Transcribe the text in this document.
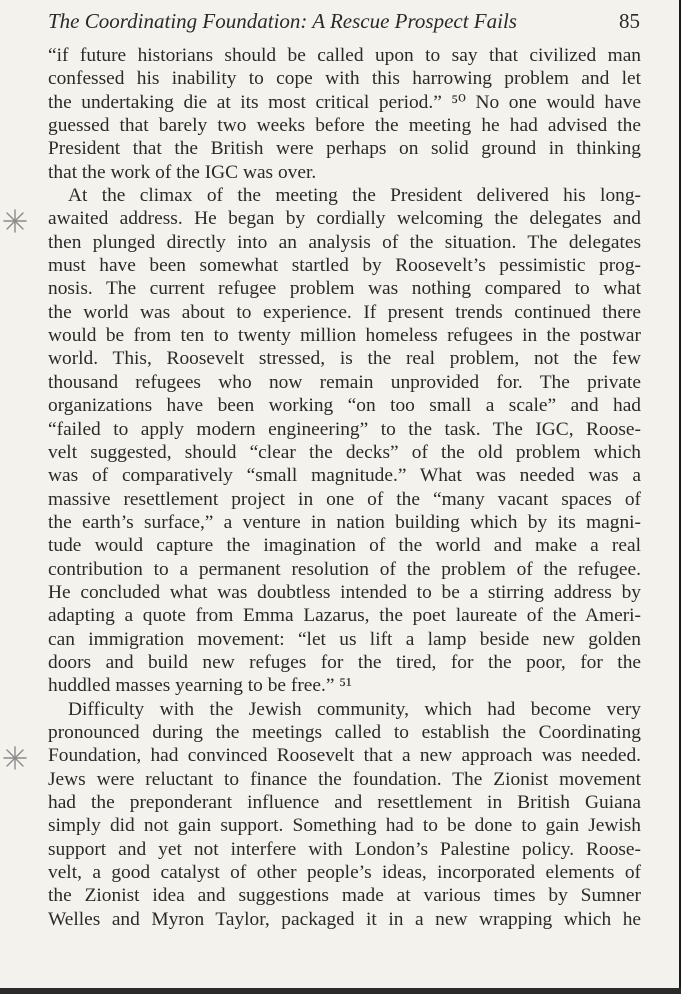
The Coordinating Foundation: A Rescue Prospect Fails	85
“if future historians should be called upon to say that civilized man
confessed his inability to cope with this harrowing problem and let
the undertaking die at its most critical period.” ⁵⁰ No one would have
guessed that barely two weeks before the meeting he had advised the
President that the British were perhaps on solid ground in thinking
that the work of the IGC was over.
At the climax of the meeting the President delivered his long-
awaited address. He began by cordially welcoming the delegates and
then plunged directly into an analysis of the situation. The delegates
must have been somewhat startled by Roosevelt’s pessimistic prog-
nosis. The current refugee problem was nothing compared to what
the world was about to experience. If present trends continued there
would be from ten to twenty million homeless refugees in the postwar
world. This, Roosevelt stressed, is the real problem, not the few
thousand refugees who now remain unprovided for. The private
organizations have been working “on too small a scale” and had
“failed to apply modern engineering” to the task. The IGC, Roose-
velt suggested, should “clear the decks” of the old problem which
was of comparatively “small magnitude.” What was needed was a
massive resettlement project in one of the “many vacant spaces of
the earth’s surface,” a venture in nation building which by its magni-
tude would capture the imagination of the world and make a real
contribution to a permanent resolution of the problem of the refugee.
He concluded what was doubtless intended to be a stirring address by
adapting a quote from Emma Lazarus, the poet laureate of the Ameri-
can immigration movement: “let us lift a lamp beside new golden
doors and build new refuges for the tired, for the poor, for the
huddled masses yearning to be free.” ⁵¹
Difficulty with the Jewish community, which had become very
pronounced during the meetings called to establish the Coordinating
Foundation, had convinced Roosevelt that a new approach was needed.
Jews were reluctant to finance the foundation. The Zionist movement
had the preponderant influence and resettlement in British Guiana
simply did not gain support. Something had to be done to gain Jewish
support and yet not interfere with London’s Palestine policy. Roose-
velt, a good catalyst of other people’s ideas, incorporated elements of
the Zionist idea and suggestions made at various times by Sumner
Welles and Myron Taylor, packaged it in a new wrapping which he
